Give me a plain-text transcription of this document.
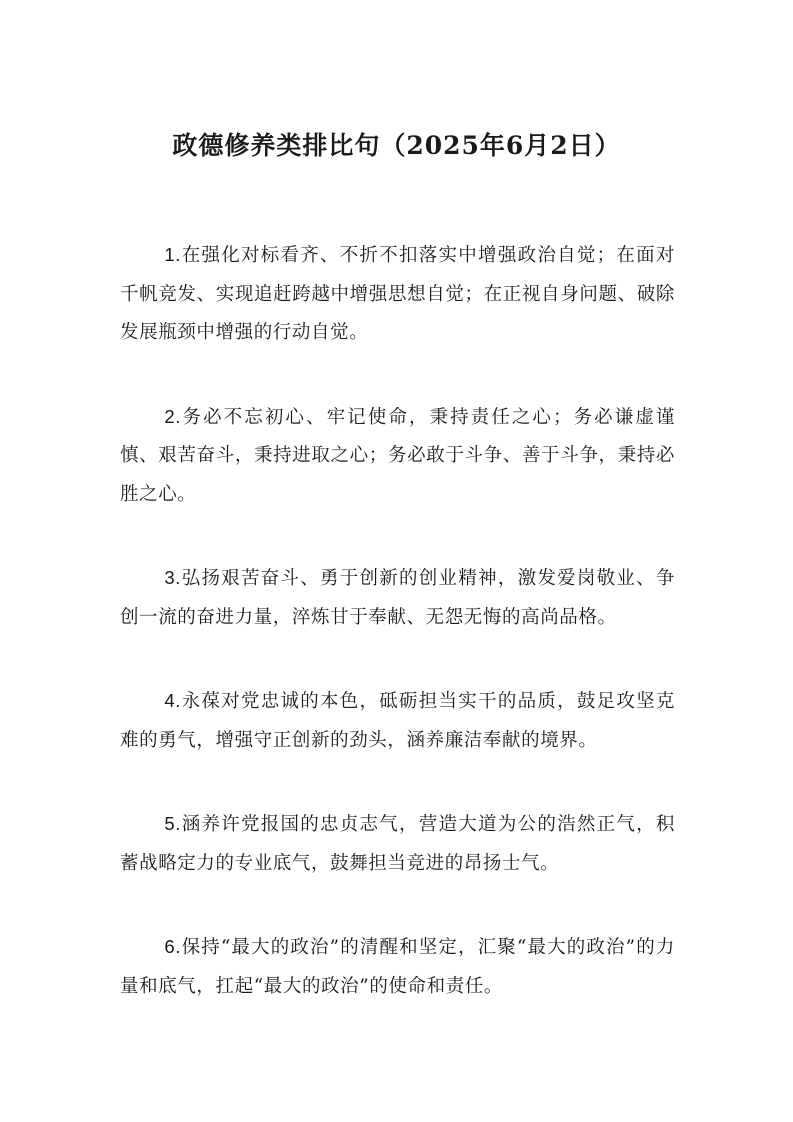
政德修养类排比句（2025年6月2日）

1.在强化对标看齐、不折不扣落实中增强政治自觉；在面对千帆竞发、实现追赶跨越中增强思想自觉；在正视自身问题、破除发展瓶颈中增强的行动自觉。

2.务必不忘初心、牢记使命，秉持责任之心；务必谦虚谨慎、艰苦奋斗，秉持进取之心；务必敢于斗争、善于斗争，秉持必胜之心。

3.弘扬艰苦奋斗、勇于创新的创业精神，激发爱岗敬业、争创一流的奋进力量，淬炼甘于奉献、无怨无悔的高尚品格。

4.永葆对党忠诚的本色，砥砺担当实干的品质，鼓足攻坚克难的勇气，增强守正创新的劲头，涵养廉洁奉献的境界。

5.涵养许党报国的忠贞志气，营造大道为公的浩然正气，积蓄战略定力的专业底气，鼓舞担当竞进的昂扬士气。

6.保持“最大的政治”的清醒和坚定，汇聚“最大的政治”的力量和底气，扛起“最大的政治”的使命和责任。
